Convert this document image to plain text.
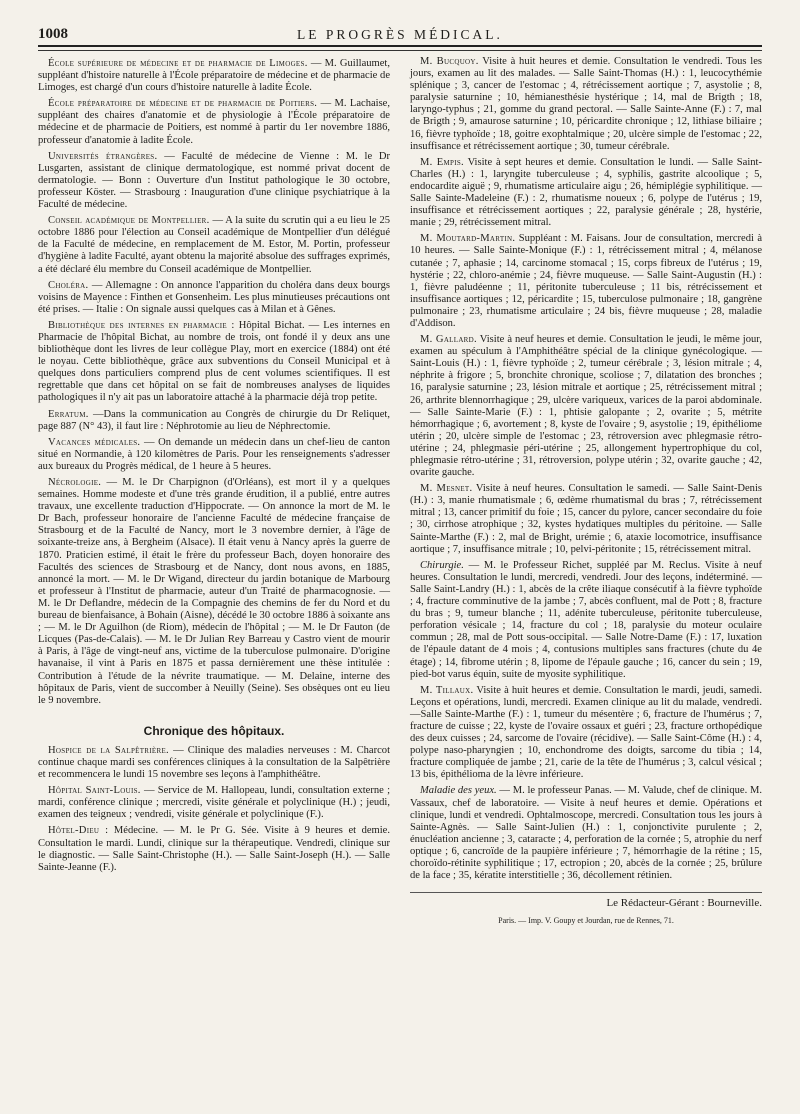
1008	LE PROGRÈS MÉDICAL.

École supérieure de médecine et de pharmacie de Limoges. — M. Guillaumet, suppléant d'histoire naturelle à l'École préparatoire de médecine et de pharmacie de Limoges, est chargé d'un cours d'histoire naturelle à ladite École.

École préparatoire de médecine et de pharmacie de Poitiers. — M. Lachaise, suppléant des chaires d'anatomie et de physiologie à l'École préparatoire de médecine et de pharmacie de Poitiers, est nommé à partir du 1er novembre 1886, professeur d'anatomie à ladite École.

Universités étrangères. — Faculté de médecine de Vienne : M. le Dr Lusgarten, assistant de clinique dermatologique, est nommé privat docent de dermatologie. — Bonn : Ouverture d'un Institut pathologique le 30 octobre, professeur Köster. — Strasbourg : Inauguration d'une clinique psychiatrique à la Faculté de médecine.

Conseil académique de Montpellier. — A la suite du scrutin qui a eu lieu le 25 octobre 1886 pour l'élection au Conseil académique de Montpellier d'un délégué de la Faculté de médecine, en remplacement de M. Estor, M. Portin, professeur d'hygiène à ladite Faculté, ayant obtenu la majorité absolue des suffrages exprimés, a été déclaré élu membre du Conseil académique de Montpellier.

Choléra. — Allemagne : On annonce l'apparition du choléra dans deux bourgs voisins de Mayence : Finthen et Gonsenheim. Les plus minutieuses précautions ont été prises. — Italie : On signale aussi quelques cas à Milan et à Gênes.

Bibliothèque des internes en pharmacie : Hôpital Bichat. — Les internes en Pharmacie de l'hôpital Bichat, au nombre de trois, ont fondé il y deux ans une bibliothèque dont les livres de leur collègue Play, mort en exercice (1884) ont été le noyau. Cette bibliothèque, grâce aux subventions du Conseil Municipal et à quelques dons particuliers comprend plus de cent volumes scientifiques. Il est regrettable que dans cet hôpital on se fait de nombreuses analyses de liquides pathologiques il n'y ait pas un laboratoire attaché à la pharmacie déjà trop petite.

Erratum. —Dans la communication au Congrès de chirurgie du Dr Reliquet, page 887 (N° 43), il faut lire : Néphrotomie au lieu de Néphrectomie.

Vacances médicales. — On demande un médecin dans un chef-lieu de canton situé en Normandie, à 120 kilomètres de Paris. Pour les renseignements s'adresser aux bureaux du Progrès médical, de 1 heure à 5 heures.

Nécrologie. — M. le Dr Charpignon (d'Orléans), est mort il y a quelques semaines. Homme modeste et d'une très grande érudition, il a publié, entre autres travaux, une excellente traduction d'Hippocrate. — On annonce la mort de M. le Dr Bach, professeur honoraire de l'ancienne Faculté de médecine française de Strasbourg et de la Faculté de Nancy, mort le 3 novembre dernier, à l'âge de soixante-treize ans, à Bergheim (Alsace). Il était venu à Nancy après la guerre de 1870. Praticien estimé, il était le frère du professeur Bach, doyen honoraire des Facultés des sciences de Strasbourg et de Nancy, dont nous avons, en 1885, annoncé la mort. — M. le Dr Wigand, directeur du jardin botanique de Marbourg et professeur à l'Institut de pharmacie, auteur d'un Traité de pharmacognosie. — M. le Dr Deflandre, médecin de la Compagnie des chemins de fer du Nord et du bureau de bienfaisance, à Bohain (Aisne), décédé le 30 octobre 1886 à soixante ans ; — M. le Dr Aguilhon (de Riom), médecin de l'hôpital ; — M. le Dr Fauton (de Licques (Pas-de-Calais). — M. le Dr Julian Rey Barreau y Castro vient de mourir à Paris, à l'âge de vingt-neuf ans, victime de la tuberculose pulmonaire. D'origine havanaise, il vint à Paris en 1875 et passa dernièrement une thèse intitulée : Contribution à l'étude de la névrite traumatique. — M. Delaine, interne des hôpitaux de Paris, vient de succomber à Neuilly (Seine). Ses obsèques ont eu lieu le 9 novembre.

Chronique des hôpitaux.

Hospice de la Salpêtrière. — Clinique des maladies nerveuses : M. Charcot continue chaque mardi ses conférences cliniques à la consultation de la Salpêtrière et recommencera le lundi 15 novembre ses leçons à l'amphithéâtre.

Hôpital Saint-Louis. — Service de M. Hallopeau, lundi, consultation externe ; mardi, conférence clinique ; mercredi, visite générale et polyclinique (H.) ; jeudi, examen des teigneux ; vendredi, visite générale et polyclinique (F.).

Hôtel-Dieu : Médecine. — M. le Pr G. Sée. Visite à 9 heures et demie. Consultation le mardi. Lundi, clinique sur la thérapeutique. Vendredi, clinique sur le diagnostic. — Salle Saint-Christophe (H.). — Salle Saint-Joseph (H.). — Salle Sainte-Jeanne (F.).

M. Bucquoy. Visite à huit heures et demie. Consultation le vendredi. Tous les jours, examen au lit des malades. — Salle Saint-Thomas (H.) : 1, leucocythémie splénique ; 3, cancer de l'estomac ; 4, rétrécissement aortique ; 7, asystolie ; 8, paralysie saturnine ; 10, hémianesthésie hystérique ; 14, mal de Brigth ; 18, laryngo-typhus ; 21, gomme du grand pectoral. — Salle Sainte-Anne (F.) : 7, mal de Brigth ; 9, amaurose saturnine ; 10, péricardite chronique ; 12, lithiase biliaire ; 16, fièvre typhoïde ; 18, goitre exophtalmique ; 20, ulcère simple de l'estomac ; 22, insuffisance et rétrécissement aortique ; 30, tumeur cérébrale.

M. Empis. Visite à sept heures et demie. Consultation le lundi. — Salle Saint-Charles (H.) : 1, laryngite tuberculeuse ; 4, syphilis, gastrite alcoolique ; 5, endocardite aiguë ; 9, rhumatisme articulaire aigu ; 26, hémiplégie syphilitique. — Salle Sainte-Madeleine (F.) : 2, rhumatisme noueux ; 6, polype de l'utérus ; 19, insuffisance et rétrécissement aortiques ; 22, paralysie générale ; 28, hystérie, manie ; 29, rétrécissement mitral.

M. Moutard-Martin. Suppléant : M. Faisans. Jour de consultation, mercredi à 10 heures. — Salle Sainte-Monique (F.) : 1, rétrécissement mitral ; 4, mélanose cutanée ; 7, aphasie ; 14, carcinome stomacal ; 15, corps fibreux de l'utérus ; 19, hystérie ; 22, chloro-anémie ; 24, fièvre muqueuse. — Salle Saint-Augustin (H.) : 1, fièvre paludéenne ; 11, péritonite tuberculeuse ; 11 bis, rétrécissement et insuffisance aortiques ; 12, péricardite ; 15, tuberculose pulmonaire ; 18, gangrène pulmonaire ; 23, rhumatisme articulaire ; 24 bis, fièvre muqueuse ; 28, maladie d'Addison.

M. Gallard. Visite à neuf heures et demie. Consultation le jeudi, le même jour, examen au spéculum à l'Amphithéâtre spécial de la clinique gynécologique. — Saint-Louis (H.) : 1, fièvre typhoïde ; 2, tumeur cérébrale ; 3, lésion mitrale ; 4, néphrite à frigore ; 5, bronchite chronique, scoliose ; 7, dilatation des bronches ; 16, paralysie saturnine ; 23, lésion mitrale et aortique ; 25, rétrécissement mitral ; 26, arthrite blennorrhagique ; 29, ulcère variqueux, varices de la paroi abdominale. — Salle Sainte-Marie (F.) : 1, phtisie galopante ; 2, ovarite ; 5, métrite hémorrhagique ; 6, avortement ; 8, kyste de l'ovaire ; 9, asystolie ; 19, épithéliome utérin ; 20, ulcère simple de l'estomac ; 23, rétroversion avec phlegmasie rétro-utérine ; 24, phlegmasie péri-utérine ; 25, allongement hypertrophique du col, phlegmasie rétro-utérine ; 31, rétroversion, polype utérin ; 32, ovarite gauche ; 42, ovarite gauche.

M. Mesnet. Visite à neuf heures. Consultation le samedi. — Salle Saint-Denis (H.) : 3, manie rhumatismale ; 6, œdème rhumatismal du bras ; 7, rétrécissement mitral ; 13, cancer primitif du foie ; 15, cancer du pylore, cancer secondaire du foie ; 30, cirrhose atrophique ; 32, kystes hydatiques multiples du péritoine. — Salle Sainte-Marthe (F.) : 2, mal de Bright, urémie ; 6, ataxie locomotrice, insuffisance aortique ; 7, insuffisance mitrale ; 10, pelvi-péritonite ; 15, rétrécissement mitral.

Chirurgie. — M. le Professeur Richet, suppléé par M. Reclus. Visite à neuf heures. Consultation le lundi, mercredi, vendredi. Jour des leçons, indéterminé. — Salle Saint-Landry (H.) : 1, abcès de la crête iliaque consécutif à la fièvre typhoïde ; 4, fracture comminutive de la jambe ; 7, abcès confluent, mal de Pott ; 8, fracture du bras ; 9, tumeur blanche ; 11, adénite tuberculeuse, péritonite tuberculeuse, perforation vésicale ; 14, fracture du col ; 18, paralysie du moteur oculaire commun ; 28, mal de Pott sous-occipital. — Salle Notre-Dame (F.) : 17, luxation de l'épaule datant de 4 mois ; 4, contusions multiples sans fractures (chute du 4e étage) ; 14, fibrome utérin ; 8, lipome de l'épaule gauche ; 16, cancer du sein ; 19, pied-bot varus équin, suite de myosite syphilitique.

M. Tillaux. Visite à huit heures et demie. Consultation le mardi, jeudi, samedi. Leçons et opérations, lundi, mercredi. Examen clinique au lit du malade, vendredi.—Salle Sainte-Marthe (F.) : 1, tumeur du mésentère ; 6, fracture de l'humérus ; 7, fracture de cuisse ; 22, kyste de l'ovaire ossaux et guéri ; 23, fracture orthopédique des deux cuisses ; 24, sarcome de l'ovaire (récidive). — Salle Saint-Côme (H.) : 4, polype naso-pharyngien ; 10, enchondrome des doigts, sarcome du tibia ; 14, fracture compliquée de jambe ; 21, carie de la tête de l'humérus ; 3, calcul vésical ; 13 bis, épithélioma de la lèvre inférieure.

Maladie des yeux. — M. le professeur Panas. — M. Valude, chef de clinique. M. Vassaux, chef de laboratoire. — Visite à neuf heures et demie. Opérations et clinique, lundi et vendredi. Ophtalmoscope, mercredi. Consultation tous les jours à Sainte-Agnès. — Salle Saint-Julien (H.) : 1, conjonctivite purulente ; 2, énucléation ancienne ; 3, cataracte ; 4, perforation de la cornée ; 5, atrophie du nerf optique ; 6, cancroïde de la paupière inférieure ; 7, hémorrhagie de la rétine ; 15, choroïdo-rétinite syphilitique ; 17, ectropion ; 20, abcès de la cornée ; 25, brûlure de la face ; 35, kératite interstitielle ; 36, décollement rétinien.

Le Rédacteur-Gérant : Bourneville.
Paris. — Imp. V. Goupy et Jourdan, rue de Rennes, 71.
